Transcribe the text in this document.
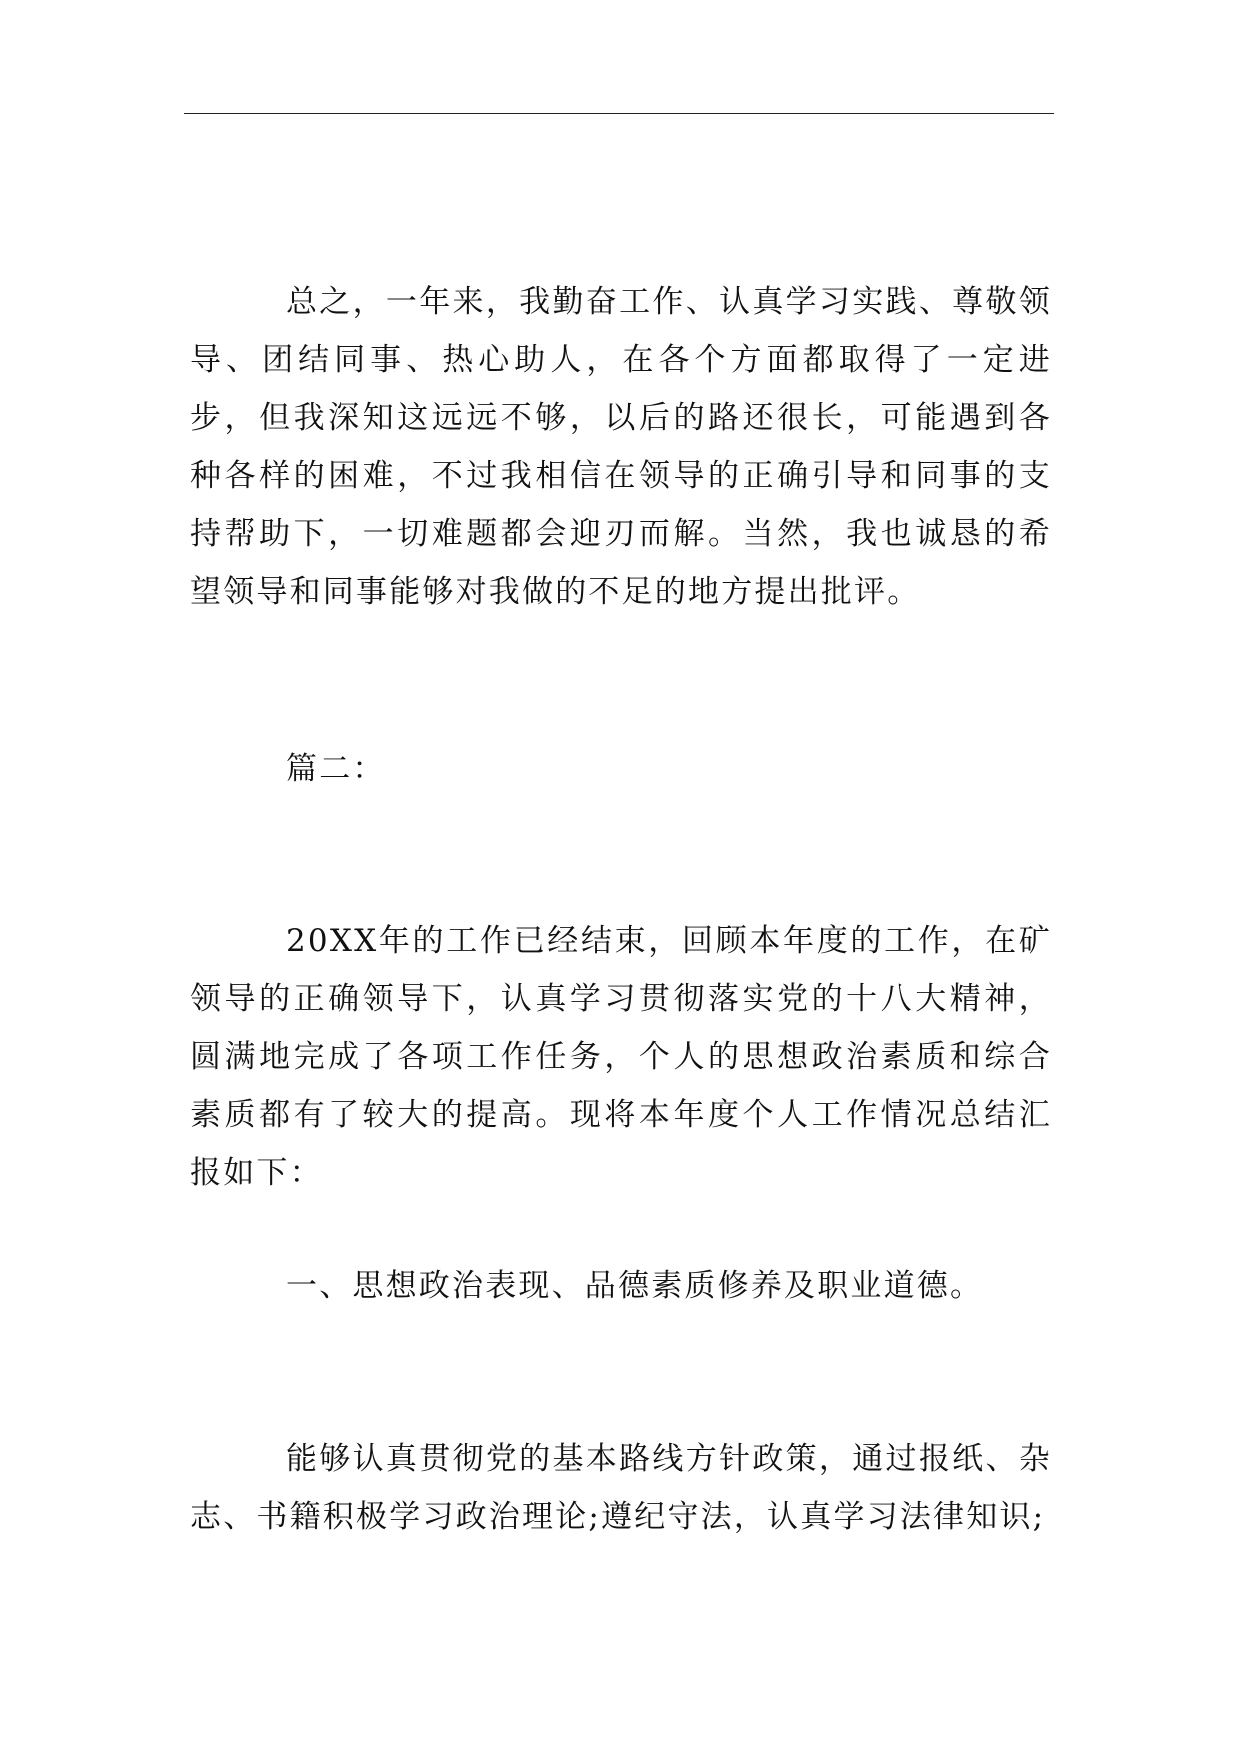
总之，一年来，我勤奋工作、认真学习实践、尊敬领导、团结同事、热心助人，在各个方面都取得了一定进步，但我深知这远远不够，以后的路还很长，可能遇到各种各样的困难，不过我相信在领导的正确引导和同事的支持帮助下，一切难题都会迎刃而解。当然，我也诚恳的希望领导和同事能够对我做的不足的地方提出批评。

篇二：

20XX年的工作已经结束，回顾本年度的工作，在矿领导的正确领导下，认真学习贯彻落实党的十八大精神，圆满地完成了各项工作任务，个人的思想政治素质和综合素质都有了较大的提高。现将本年度个人工作情况总结汇报如下：

一、思想政治表现、品德素质修养及职业道德。

能够认真贯彻党的基本路线方针政策，通过报纸、杂志、书籍积极学习政治理论;遵纪守法，认真学习法律知识;
